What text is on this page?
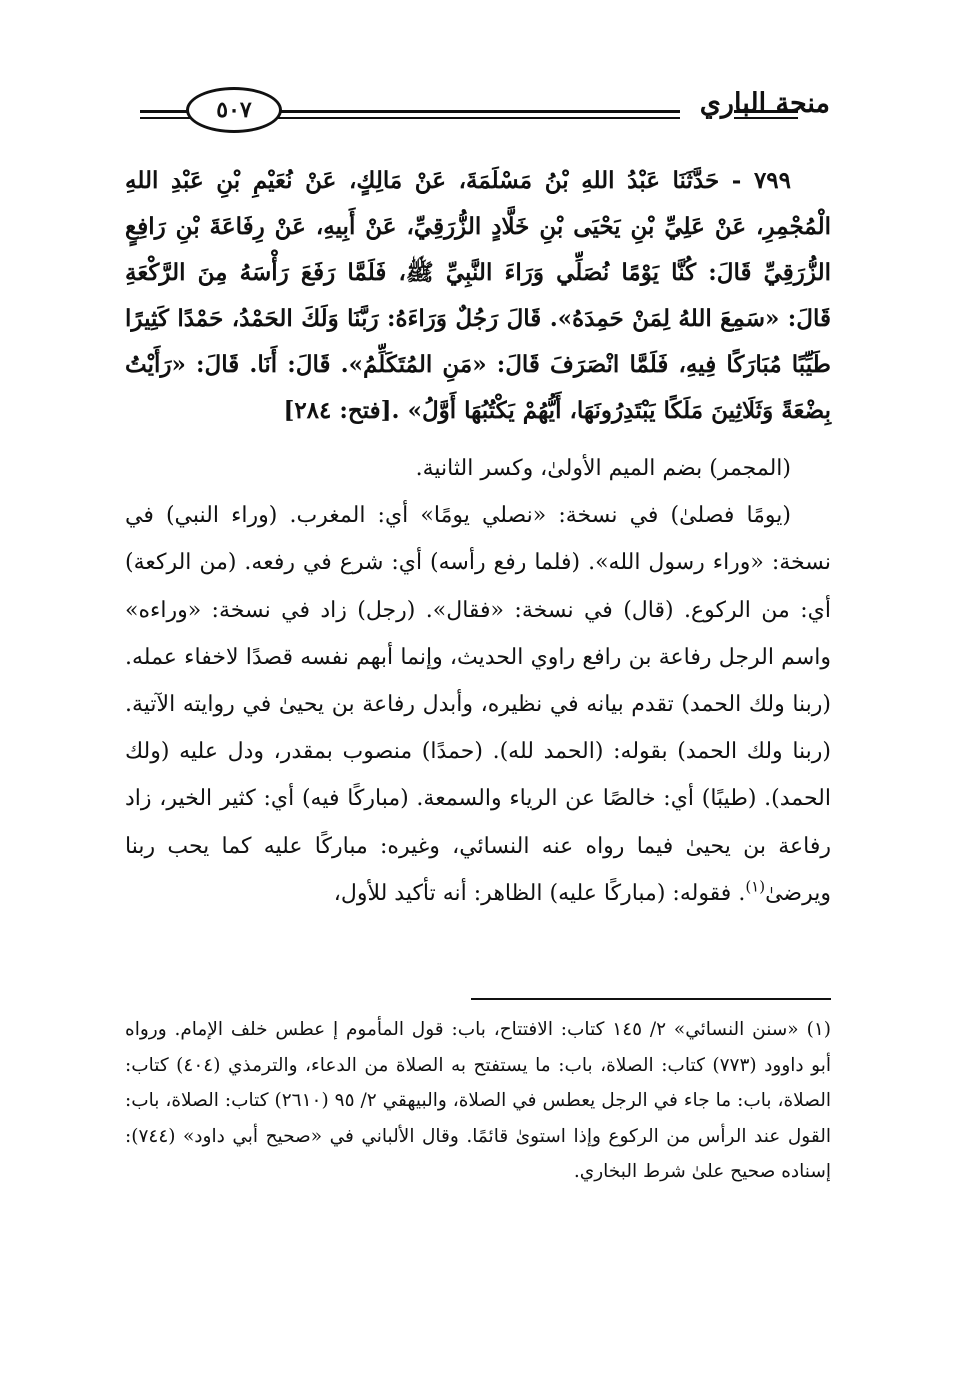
منحة الباري
٥٠٧

٧٩٩ - حَدَّثَنَا عَبْدُ اللهِ بْنُ مَسْلَمَةَ، عَنْ مَالِكٍ، عَنْ نُعَيْمِ بْنِ عَبْدِ اللهِ الْمُجْمِرِ، عَنْ عَلِيِّ بْنِ يَحْيَى بْنِ خَلَّادٍ الزُّرَقِيِّ، عَنْ أَبِيهِ، عَنْ رِفَاعَةَ بْنِ رَافِعٍ الزُّرَقِيِّ قَالَ: كُنَّا يَوْمًا نُصَلِّي وَرَاءَ النَّبِيِّ ﷺ، فَلَمَّا رَفَعَ رَأْسَهُ مِنَ الرَّكْعَةِ قَالَ: «سَمِعَ اللهُ لِمَنْ حَمِدَهُ». قَالَ رَجُلٌ وَرَاءَهُ: رَبَّنَا وَلَكَ الحَمْدُ، حَمْدًا كَثِيرًا طَيِّبًا مُبَارَكًا فِيهِ، فَلَمَّا انْصَرَفَ قَالَ: «مَنِ المُتَكَلِّمُ». قَالَ: أَنَا. قَالَ: «رَأَيْتُ بِضْعَةً وَثَلَاثِينَ مَلَكًا يَبْتَدِرُونَهَا، أَيُّهُمْ يَكْتُبُهَا أَوَّلُ» .[فتح: ٢٨٤]

(المجمر) بضم الميم الأولىٰ، وكسر الثانية.

(يومًا فصلىٰ) في نسخة: «نصلي يومًا» أي: المغرب. (وراء النبي) في نسخة: «وراء رسول الله». (فلما رفع رأسه) أي: شرع في رفعه. (من الركعة) أي: من الركوع. (قال) في نسخة: «فقال». (رجل) زاد في نسخة: «وراءه» واسم الرجل رفاعة بن رافع راوي الحديث، وإنما أبهم نفسه قصدًا لاخفاء عمله. (ربنا ولك الحمد) تقدم بيانه في نظيره، وأبدل رفاعة بن يحيىٰ في روايته الآتية. (ربنا ولك الحمد) بقوله: (الحمد لله). (حمدًا) منصوب بمقدر، ودل عليه (ولك الحمد). (طيبًا) أي: خالصًا عن الرياء والسمعة. (مباركًا فيه) أي: كثير الخير، زاد رفاعة بن يحيىٰ فيما رواه عنه النسائي، وغيره: مباركًا عليه كما يحب ربنا ويرضىٰ$^{(١)}$. فقوله: (مباركًا عليه) الظاهر: أنه تأكيد للأول،

(١)«سنن النسائي» ٢/ ١٤٥ كتاب: الافتتاح، باب: قول المأموم إ عطس خلف الإمام. ورواه أبو داوود (٧٧٣) كتاب: الصلاة، باب: ما يستفتح به الصلاة من الدعاء، والترمذي (٤٠٤) كتاب: الصلاة، باب: ما جاء في الرجل يعطس في الصلاة، والبيهقي ٢/ ٩٥ (٢٦١٠) كتاب: الصلاة، باب: القول عند الرأس من الركوع وإذا استوىٰ قائمًا. وقال الألباني في «صحيح أبي داود» (٧٤٤): إسناده صحيح علىٰ شرط البخاري.
